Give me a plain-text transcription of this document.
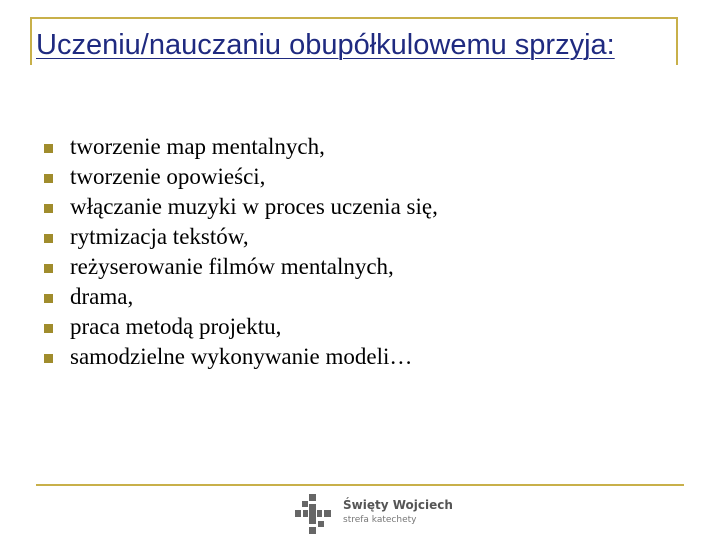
Uczeniu/nauczaniu obupółkulowemu sprzyja:
tworzenie map mentalnych,
tworzenie opowieści,
włączanie muzyki w proces uczenia się,
rytmizacja tekstów,
reżyserowanie filmów mentalnych,
drama,
praca metodą projektu,
samodzielne wykonywanie modeli…
Święty Wojciech
strefa katechety
